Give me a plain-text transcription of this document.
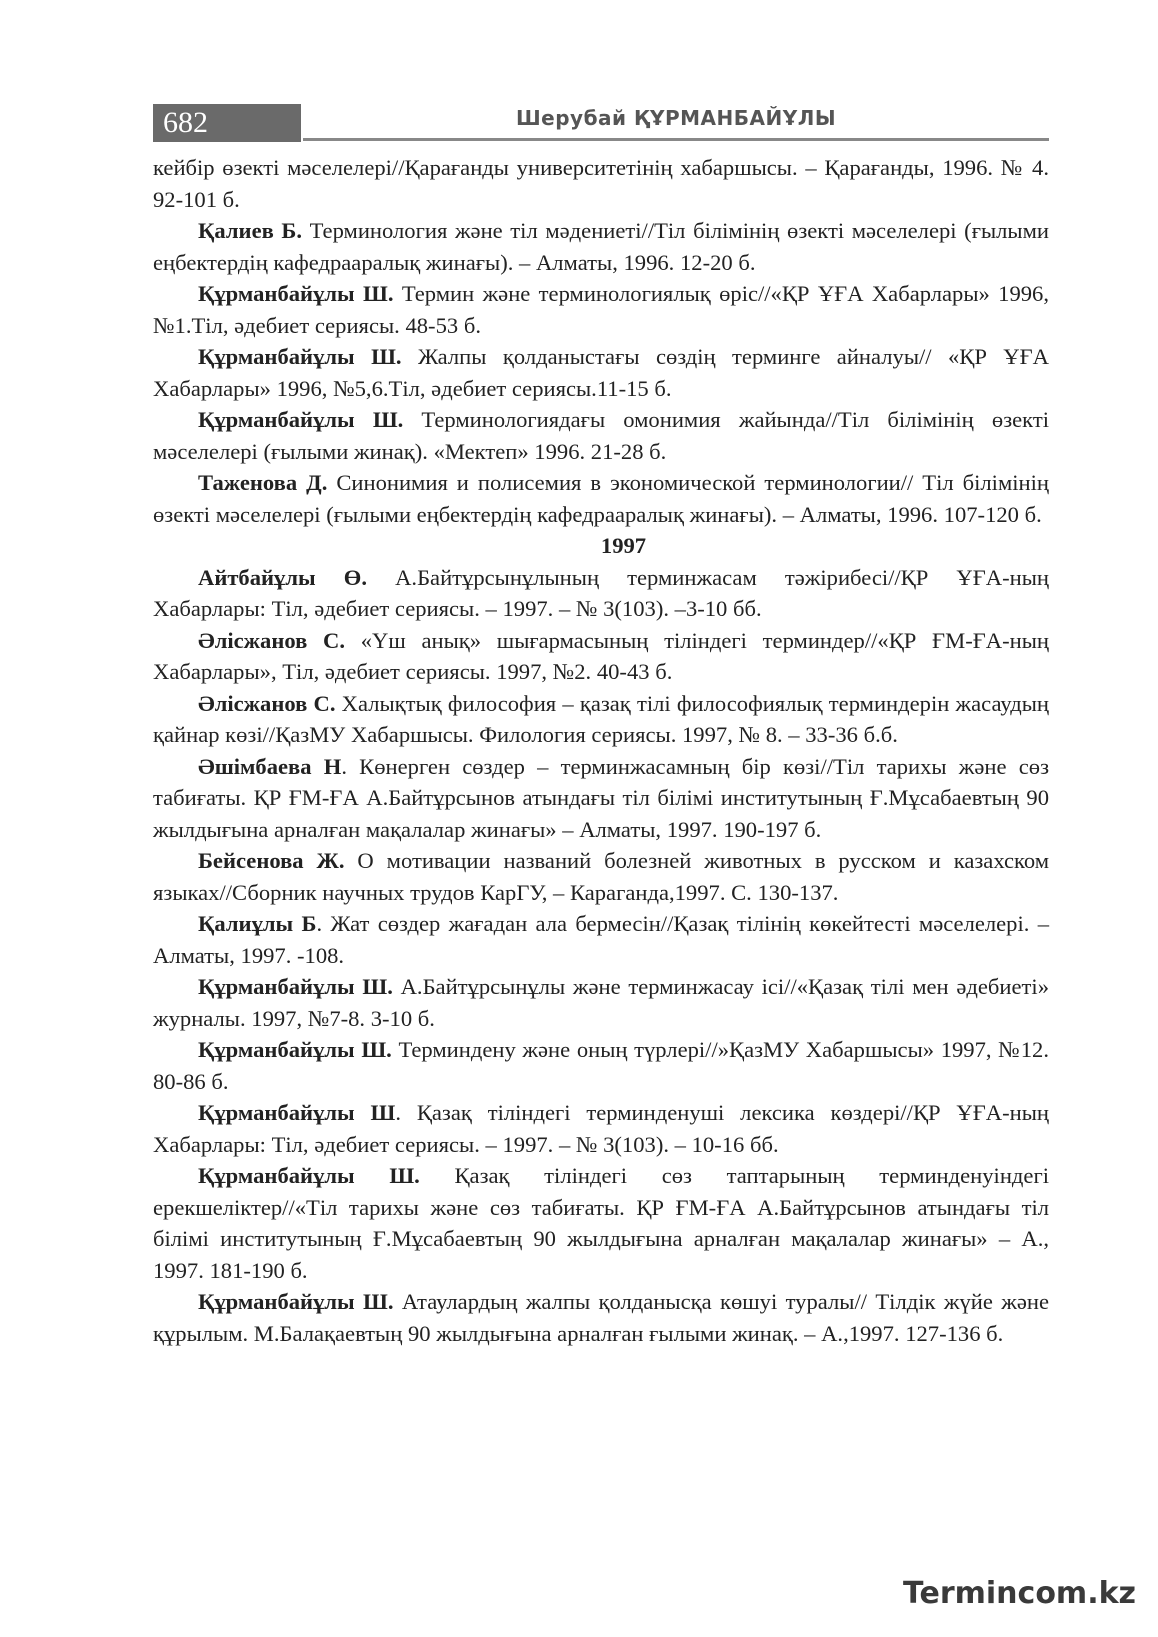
682	Шерубай ҚҰРМАНБАЙҰЛЫ

кейбір өзекті мәселелері//Қарағанды университетінің хабаршысы. – Қарағанды, 1996. № 4. 92-101 б.

Қалиев Б. Терминология және тіл мәдениеті//Тіл білімінің өзекті мәселелері (ғылыми еңбектердің кафедрааралық жинағы). – Алматы, 1996. 12-20 б.

Құрманбайұлы Ш. Термин және терминологиялық өріс//«ҚР ҰҒА Хабарлары» 1996, №1.Тіл, әдебиет сериясы. 48-53 б.

Құрманбайұлы Ш. Жалпы қолданыстағы сөздің терминге айналуы// «ҚР ҰҒА Хабарлары» 1996, №5,6.Тіл, әдебиет сериясы.11-15 б.

Құрманбайұлы Ш. Терминологиядағы омонимия жайында//Тіл білімінің өзекті мәселелері (ғылыми жинақ). «Мектеп» 1996. 21-28 б.

Таженова Д. Синонимия и полисемия в экономической терминологии// Тіл білімінің өзекті мәселелері (ғылыми еңбектердің кафедрааралық жинағы). – Алматы, 1996. 107-120 б.

1997

Айтбайұлы Ө. А.Байтұрсынұлының терминжасам тәжірибесі//ҚР ҰҒА-ның Хабарлары: Тіл, әдебиет сериясы. – 1997. – № 3(103). –3-10 бб.

Әлісжанов С. «Үш анық» шығармасының тіліндегі терминдер//«ҚР ҒМ-ҒА-ның Хабарлары», Тіл, әдебиет сериясы. 1997, №2. 40-43 б.

Әлісжанов С. Халықтық философия – қазақ тілі философиялық терминдерін жасаудың қайнар көзі//ҚазМУ Хабаршысы. Филология сериясы. 1997, № 8. – 33-36 б.б.

Әшімбаева Н. Көнерген сөздер – терминжасамның бір көзі//Тіл тарихы және сөз табиғаты. ҚР ҒМ-ҒА А.Байтұрсынов атындағы тіл білімі институтының Ғ.Мұсабаевтың 90 жылдығына арналған мақалалар жинағы» – Алматы, 1997. 190-197 б.

Бейсенова Ж. О мотивации названий болезней животных в русском и казахском языках//Сборник научных трудов КарГУ, – Караганда,1997. С. 130-137.

Қалиұлы Б. Жат сөздер жағадан ала бермесін//Қазақ тілінің көкейтесті мәселелері. – Алматы, 1997. -108.

Құрманбайұлы Ш. А.Байтұрсынұлы және терминжасау ісі//«Қазақ тілі мен әдебиеті» журналы. 1997, №7-8. 3-10 б.

Құрманбайұлы Ш. Терминдену және оның түрлері//»ҚазМУ Хабаршысы» 1997, №12. 80-86 б.

Құрманбайұлы Ш. Қазақ тіліндегі терминденуші лексика көздері//ҚР ҰҒА-ның Хабарлары: Тіл, әдебиет сериясы. – 1997. – № 3(103). – 10-16 бб.

Құрманбайұлы Ш. Қазақ тіліндегі сөз таптарының терминденуіндегі ерекшеліктер//«Тіл тарихы және сөз табиғаты. ҚР ҒМ-ҒА А.Байтұрсынов атындағы тіл білімі институтының Ғ.Мұсабаевтың 90 жылдығына арналған мақалалар жинағы» – А., 1997. 181-190 б.

Құрманбайұлы Ш. Атаулардың жалпы қолданысқа көшуі туралы// Тілдік жүйе және құрылым. М.Балақаевтың 90 жылдығына арналған ғылыми жинақ. – А.,1997. 127-136 б.

Termincom.kz
